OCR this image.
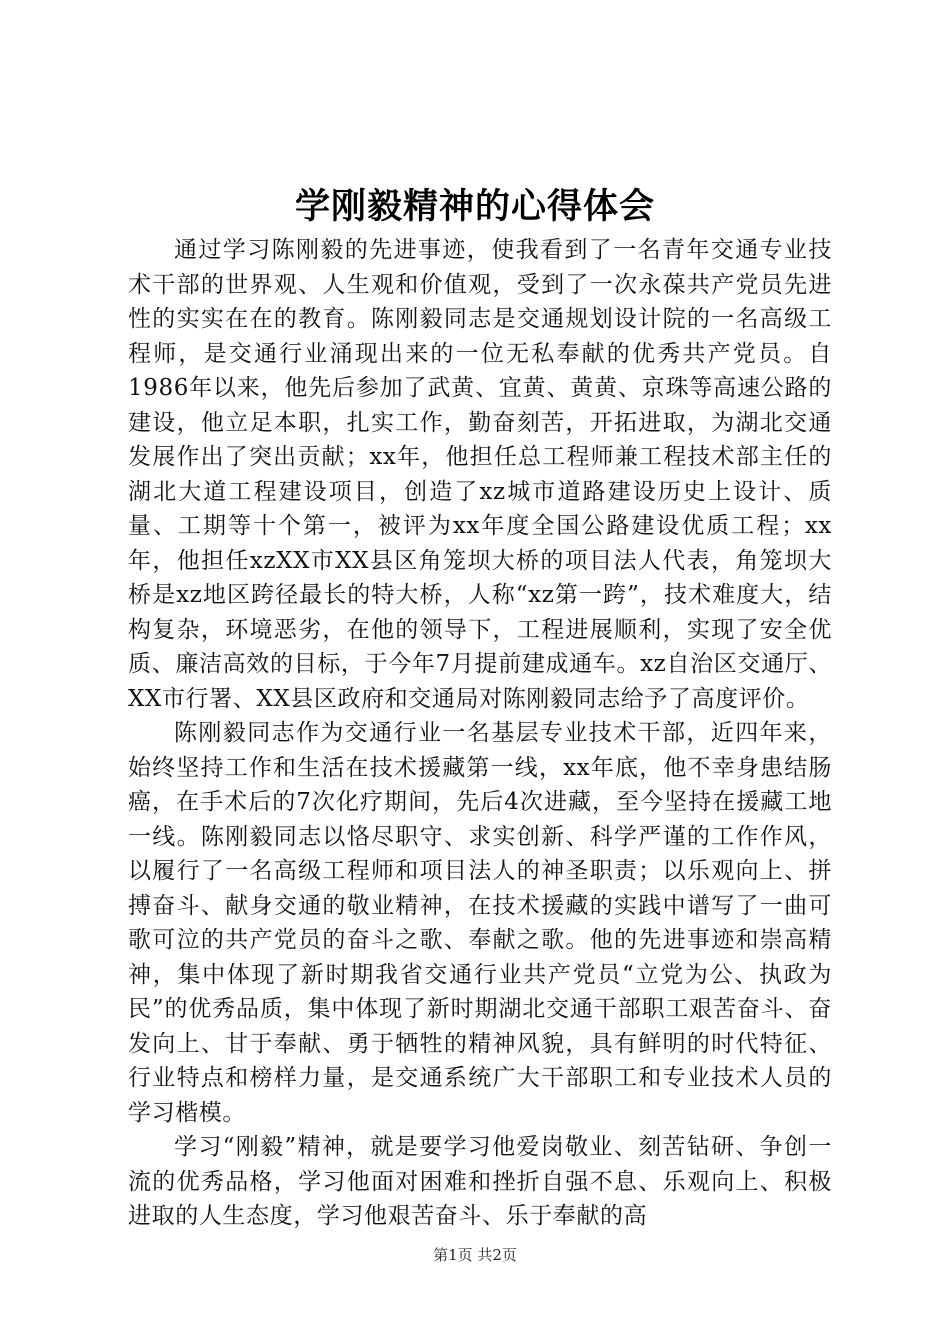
学刚毅精神的心得体会

通过学习陈刚毅的先进事迹，使我看到了一名青年交通专业技术干部的世界观、人生观和价值观，受到了一次永葆共产党员先进性的实实在在的教育。陈刚毅同志是交通规划设计院的一名高级工程师，是交通行业涌现出来的一位无私奉献的优秀共产党员。自1986年以来，他先后参加了武黄、宜黄、黄黄、京珠等高速公路的建设，他立足本职，扎实工作，勤奋刻苦，开拓进取，为湖北交通发展作出了突出贡献；xx年，他担任总工程师兼工程技术部主任的湖北大道工程建设项目，创造了xz城市道路建设历史上设计、质量、工期等十个第一，被评为xx年度全国公路建设优质工程；xx年，他担任xzXX市XX县区角笼坝大桥的项目法人代表，角笼坝大桥是xz地区跨径最长的特大桥，人称“xz第一跨”，技术难度大，结构复杂，环境恶劣，在他的领导下，工程进展顺利，实现了安全优质、廉洁高效的目标，于今年7月提前建成通车。xz自治区交通厅、XX市行署、XX县区政府和交通局对陈刚毅同志给予了高度评价。

陈刚毅同志作为交通行业一名基层专业技术干部，近四年来，始终坚持工作和生活在技术援藏第一线，xx年底，他不幸身患结肠癌，在手术后的7次化疗期间，先后4次进藏，至今坚持在援藏工地一线。陈刚毅同志以恪尽职守、求实创新、科学严谨的工作作风，以履行了一名高级工程师和项目法人的神圣职责；以乐观向上、拼搏奋斗、献身交通的敬业精神，在技术援藏的实践中谱写了一曲可歌可泣的共产党员的奋斗之歌、奉献之歌。他的先进事迹和崇高精神，集中体现了新时期我省交通行业共产党员“立党为公、执政为民”的优秀品质，集中体现了新时期湖北交通干部职工艰苦奋斗、奋发向上、甘于奉献、勇于牺牲的精神风貌，具有鲜明的时代特征、行业特点和榜样力量，是交通系统广大干部职工和专业技术人员的学习楷模。

学习“刚毅”精神，就是要学习他爱岗敬业、刻苦钻研、争创一流的优秀品格，学习他面对困难和挫折自强不息、乐观向上、积极进取的人生态度，学习他艰苦奋斗、乐于奉献的高

第1页 共2页
